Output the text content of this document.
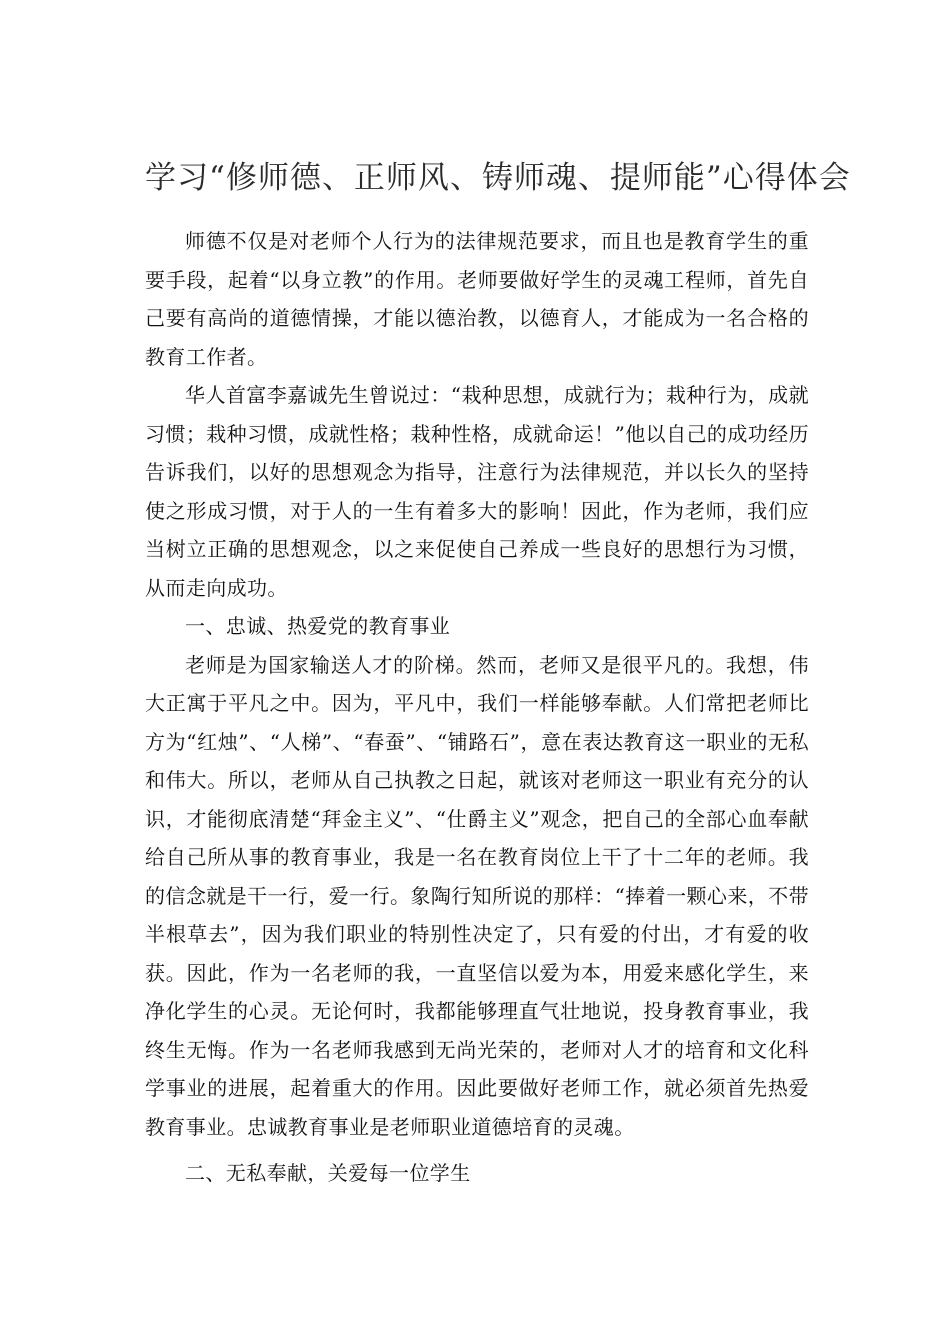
学习“修师德、正师风、铸师魂、提师能”心得体会

师德不仅是对老师个人行为的法律规范要求，而且也是教育学生的重要手段，起着“以身立教”的作用。老师要做好学生的灵魂工程师，首先自己要有高尚的道德情操，才能以德治教，以德育人，才能成为一名合格的教育工作者。

华人首富李嘉诚先生曾说过：“栽种思想，成就行为；栽种行为，成就习惯；栽种习惯，成就性格；栽种性格，成就命运！”他以自己的成功经历告诉我们，以好的思想观念为指导，注意行为法律规范，并以长久的坚持使之形成习惯，对于人的一生有着多大的影响！因此，作为老师，我们应当树立正确的思想观念，以之来促使自己养成一些良好的思想行为习惯，从而走向成功。

一、忠诚、热爱党的教育事业

老师是为国家输送人才的阶梯。然而，老师又是很平凡的。我想，伟大正寓于平凡之中。因为，平凡中，我们一样能够奉献。人们常把老师比方为“红烛”、“人梯”、“春蚕”、“铺路石”，意在表达教育这一职业的无私和伟大。所以，老师从自己执教之日起，就该对老师这一职业有充分的认识，才能彻底清楚“拜金主义”、“仕爵主义”观念，把自己的全部心血奉献给自己所从事的教育事业，我是一名在教育岗位上干了十二年的老师。我的信念就是干一行，爱一行。象陶行知所说的那样：“捧着一颗心来，不带半根草去”，因为我们职业的特别性决定了，只有爱的付出，才有爱的收获。因此，作为一名老师的我，一直坚信以爱为本，用爱来感化学生，来净化学生的心灵。无论何时，我都能够理直气壮地说，投身教育事业，我终生无悔。作为一名老师我感到无尚光荣的，老师对人才的培育和文化科学事业的进展，起着重大的作用。因此要做好老师工作，就必须首先热爱教育事业。忠诚教育事业是老师职业道德培育的灵魂。

二、无私奉献，关爱每一位学生
